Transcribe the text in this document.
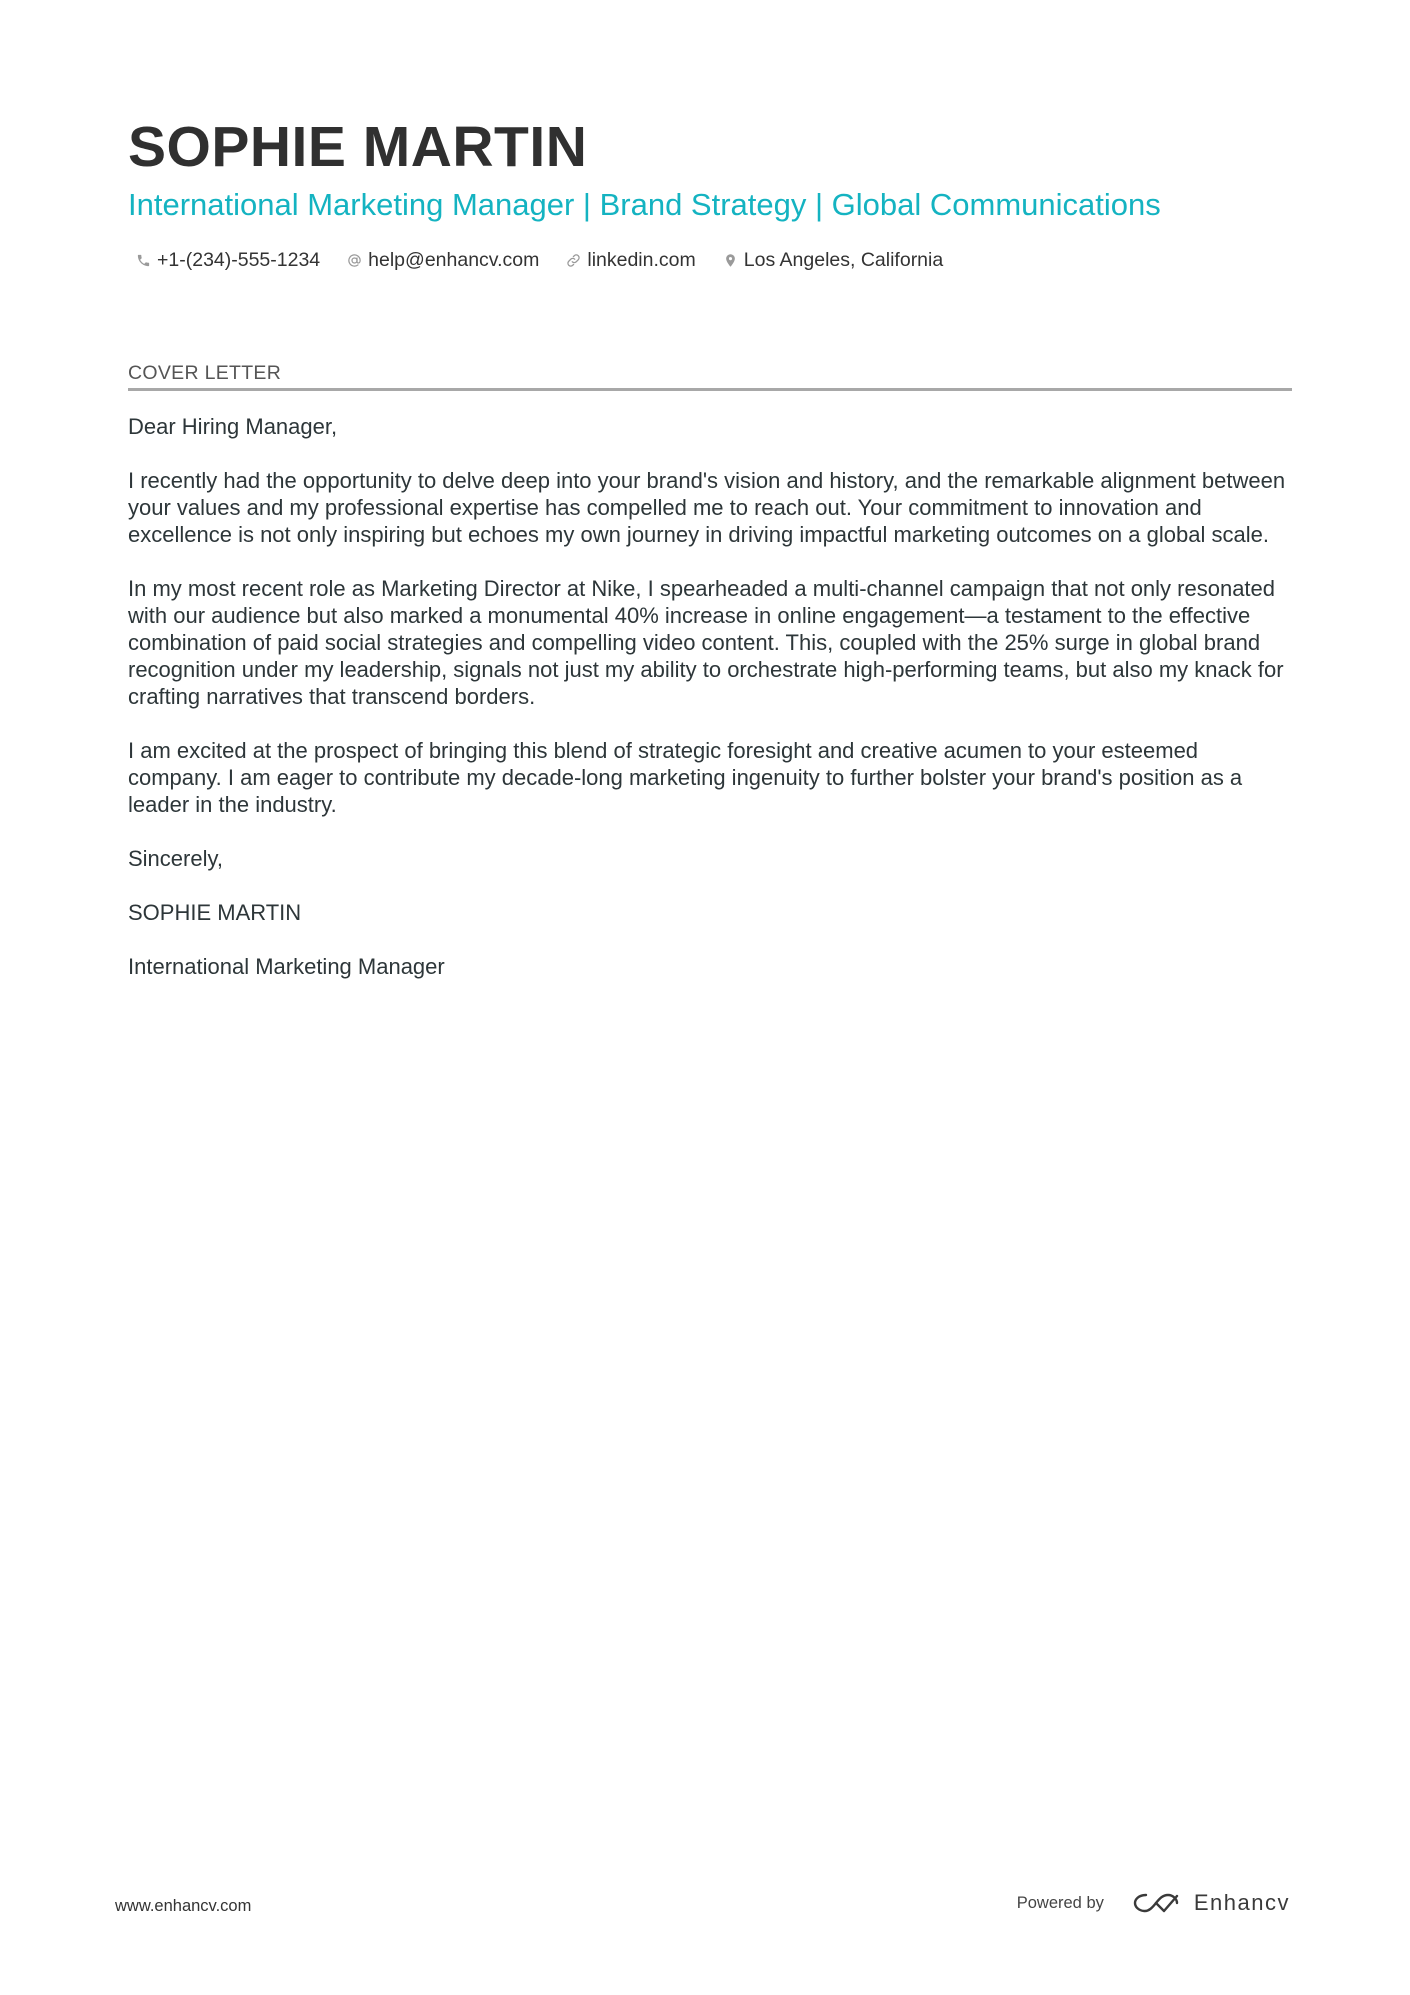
SOPHIE MARTIN
International Marketing Manager | Brand Strategy | Global Communications
+1-(234)-555-1234 help@enhancv.com linkedin.com Los Angeles, California
COVER LETTER

Dear Hiring Manager,

I recently had the opportunity to delve deep into your brand's vision and history, and the remarkable alignment between your values and my professional expertise has compelled me to reach out. Your commitment to innovation and excellence is not only inspiring but echoes my own journey in driving impactful marketing outcomes on a global scale.

In my most recent role as Marketing Director at Nike, I spearheaded a multi-channel campaign that not only resonated with our audience but also marked a monumental 40% increase in online engagement—a testament to the effective combination of paid social strategies and compelling video content. This, coupled with the 25% surge in global brand recognition under my leadership, signals not just my ability to orchestrate high-performing teams, but also my knack for crafting narratives that transcend borders.

I am excited at the prospect of bringing this blend of strategic foresight and creative acumen to your esteemed company. I am eager to contribute my decade-long marketing ingenuity to further bolster your brand's position as a leader in the industry.

Sincerely,

SOPHIE MARTIN

International Marketing Manager

www.enhancv.com	Powered by	Enhancv
